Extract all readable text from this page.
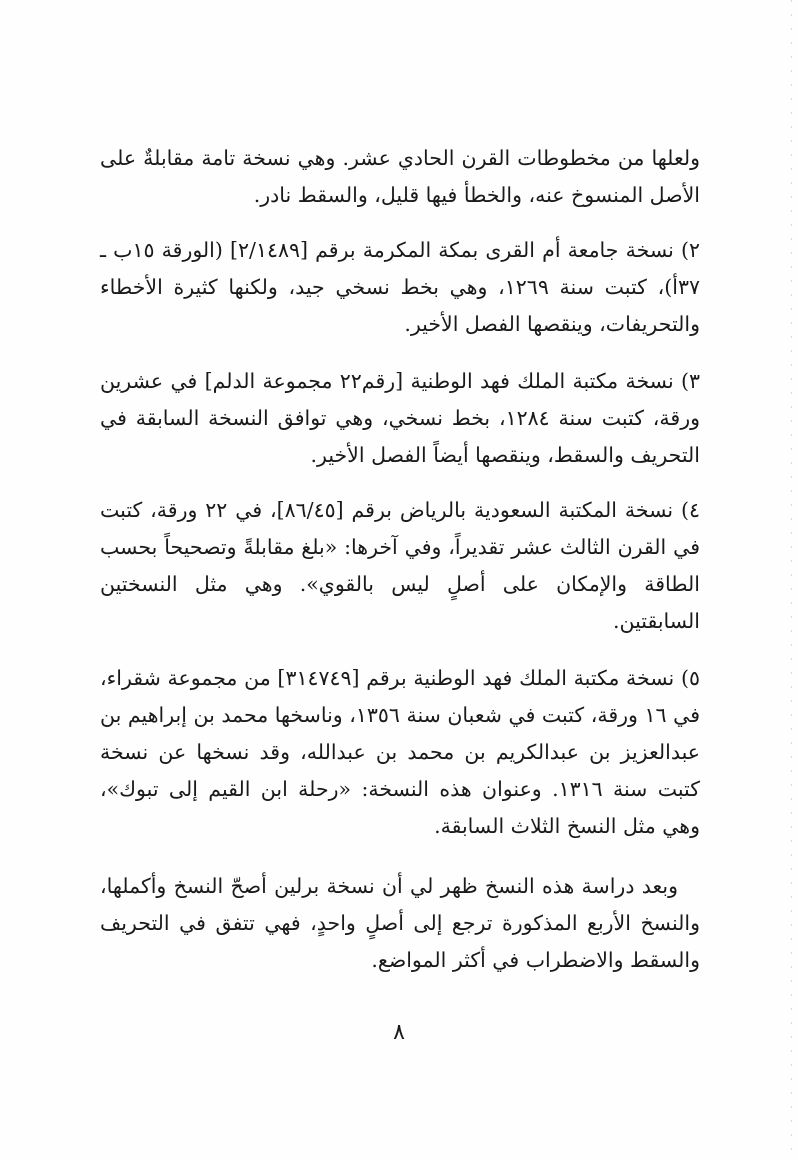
ولعلها من مخطوطات القرن الحادي عشر. وهي نسخة تامة مقابلةٌ على الأصل المنسوخ عنه، والخطأ فيها قليل، والسقط نادر.

٢) نسخة جامعة أم القرى بمكة المكرمة برقم [٢/١٤٨٩] (الورقة ١٥ب ـ ٣٧أ)، كتبت سنة ١٢٦٩، وهي بخط نسخي جيد، ولكنها كثيرة الأخطاء والتحريفات، وينقصها الفصل الأخير.

٣) نسخة مكتبة الملك فهد الوطنية [رقم٢٢ مجموعة الدلم] في عشرين ورقة، كتبت سنة ١٢٨٤، بخط نسخي، وهي توافق النسخة السابقة في التحريف والسقط، وينقصها أيضاً الفصل الأخير.

٤) نسخة المكتبة السعودية بالرياض برقم [٨٦/٤٥]، في ٢٢ ورقة، كتبت في القرن الثالث عشر تقديراً، وفي آخرها: «بلغ مقابلةً وتصحيحاً بحسب الطاقة والإمكان على أصلٍ ليس بالقوي». وهي مثل النسختين السابقتين.

٥) نسخة مكتبة الملك فهد الوطنية برقم [٣١٤٧٤٩] من مجموعة شقراء، في ١٦ ورقة، كتبت في شعبان سنة ١٣٥٦، وناسخها محمد بن إبراهيم بن عبدالعزيز بن عبدالكريم بن محمد بن عبدالله، وقد نسخها عن نسخة كتبت سنة ١٣١٦. وعنوان هذه النسخة: «رحلة ابن القيم إلى تبوك»، وهي مثل النسخ الثلاث السابقة.

وبعد دراسة هذه النسخ ظهر لي أن نسخة برلين أصحّ النسخ وأكملها، والنسخ الأربع المذكورة ترجع إلى أصلٍ واحدٍ، فهي تتفق في التحريف والسقط والاضطراب في أكثر المواضع.

٨
